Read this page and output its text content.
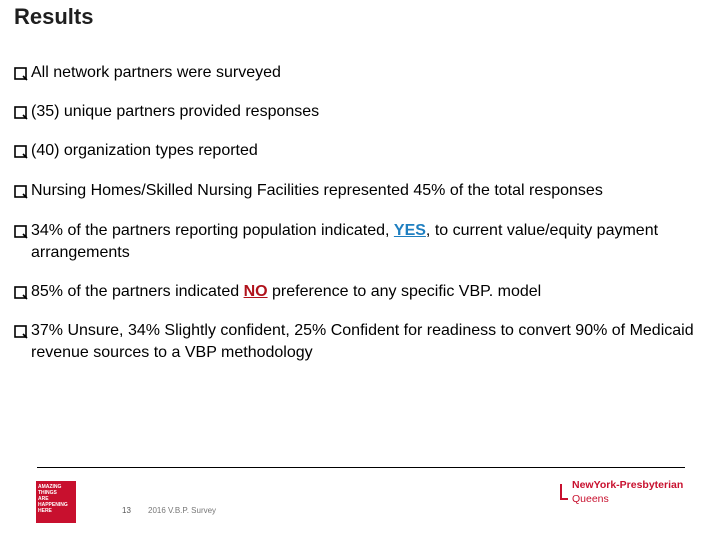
Results
All network partners were surveyed
(35) unique partners provided responses
(40) organization types reported
Nursing Homes/Skilled Nursing Facilities represented 45% of the total responses
34% of the partners reporting population indicated, YES, to current value/equity payment arrangements
85% of the partners indicated NO preference to any specific VBP. model
37% Unsure, 34% Slightly confident, 25% Confident for readiness to convert 90% of Medicaid revenue sources to a VBP methodology
AMAZING
THINGS
ARE
HAPPENING
HERE	13 2016 V.B.P. Survey
NewYork-Presbyterian
Queens
